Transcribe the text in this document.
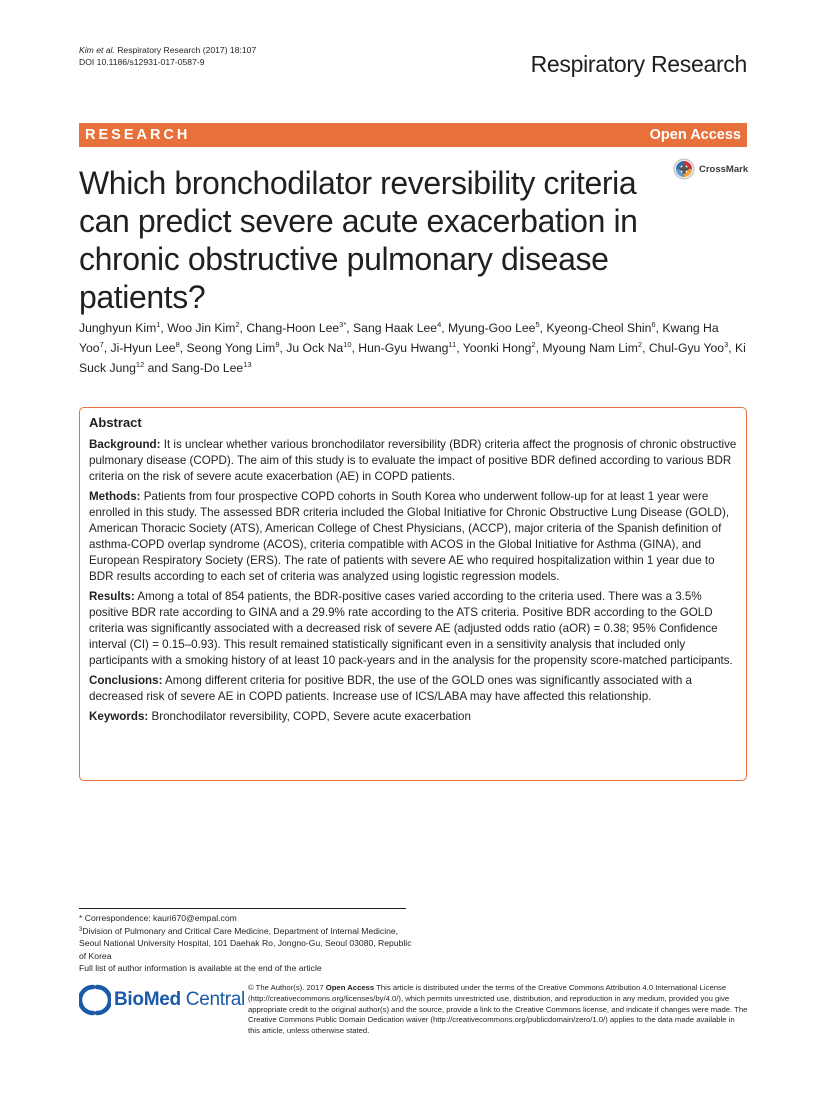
Kim et al. Respiratory Research (2017) 18:107
DOI 10.1186/s12931-017-0587-9	Respiratory Research
RESEARCH	Open Access
CrossMark
Which bronchodilator reversibility criteria can predict severe acute exacerbation in chronic obstructive pulmonary disease patients?
Junghyun Kim$^1$, Woo Jin Kim$^2$, Chang-Hoon Lee$^{3*}$, Sang Haak Lee$^4$, Myung-Goo Lee$^5$, Kyeong-Cheol Shin$^6$, Kwang Ha Yoo$^7$, Ji-Hyun Lee$^8$, Seong Yong Lim$^9$, Ju Ock Na$^{10}$, Hun-Gyu Hwang$^{11}$, Yoonki Hong$^2$, Myoung Nam Lim$^2$, Chul-Gyu Yoo$^3$, Ki Suck Jung$^{12}$ and Sang-Do Lee$^{13}$
Abstract

Background: It is unclear whether various bronchodilator reversibility (BDR) criteria affect the prognosis of chronic obstructive pulmonary disease (COPD). The aim of this study is to evaluate the impact of positive BDR defined according to various BDR criteria on the risk of severe acute exacerbation (AE) in COPD patients.

Methods: Patients from four prospective COPD cohorts in South Korea who underwent follow-up for at least 1 year were enrolled in this study. The assessed BDR criteria included the Global Initiative for Chronic Obstructive Lung Disease (GOLD), American Thoracic Society (ATS), American College of Chest Physicians, (ACCP), major criteria of the Spanish definition of asthma-COPD overlap syndrome (ACOS), criteria compatible with ACOS in the Global Initiative for Asthma (GINA), and European Respiratory Society (ERS). The rate of patients with severe AE who required hospitalization within 1 year due to BDR results according to each set of criteria was analyzed using logistic regression models.

Results: Among a total of 854 patients, the BDR-positive cases varied according to the criteria used. There was a 3.5% positive BDR rate according to GINA and a 29.9% rate according to the ATS criteria. Positive BDR according to the GOLD criteria was significantly associated with a decreased risk of severe AE (adjusted odds ratio (aOR) = 0.38; 95% Confidence interval (CI) = 0.15–0.93). This result remained statistically significant even in a sensitivity analysis that included only participants with a smoking history of at least 10 pack-years and in the analysis for the propensity score-matched participants.

Conclusions: Among different criteria for positive BDR, the use of the GOLD ones was significantly associated with a decreased risk of severe AE in COPD patients. Increase use of ICS/LABA may have affected this relationship.

Keywords: Bronchodilator reversibility, COPD, Severe acute exacerbation

* Correspondence: kauri670@empal.com
$^3$Division of Pulmonary and Critical Care Medicine, Department of Internal Medicine, Seoul National University Hospital, 101 Daehak Ro, Jongno-Gu, Seoul 03080, Republic of Korea
Full list of author information is available at the end of the article
BioMed Central
© The Author(s). 2017 Open Access This article is distributed under the terms of the Creative Commons Attribution 4.0 International License (http://creativecommons.org/licenses/by/4.0/), which permits unrestricted use, distribution, and reproduction in any medium, provided you give appropriate credit to the original author(s) and the source, provide a link to the Creative Commons license, and indicate if changes were made. The Creative Commons Public Domain Dedication waiver (http://creativecommons.org/publicdomain/zero/1.0/) applies to the data made available in this article, unless otherwise stated.
